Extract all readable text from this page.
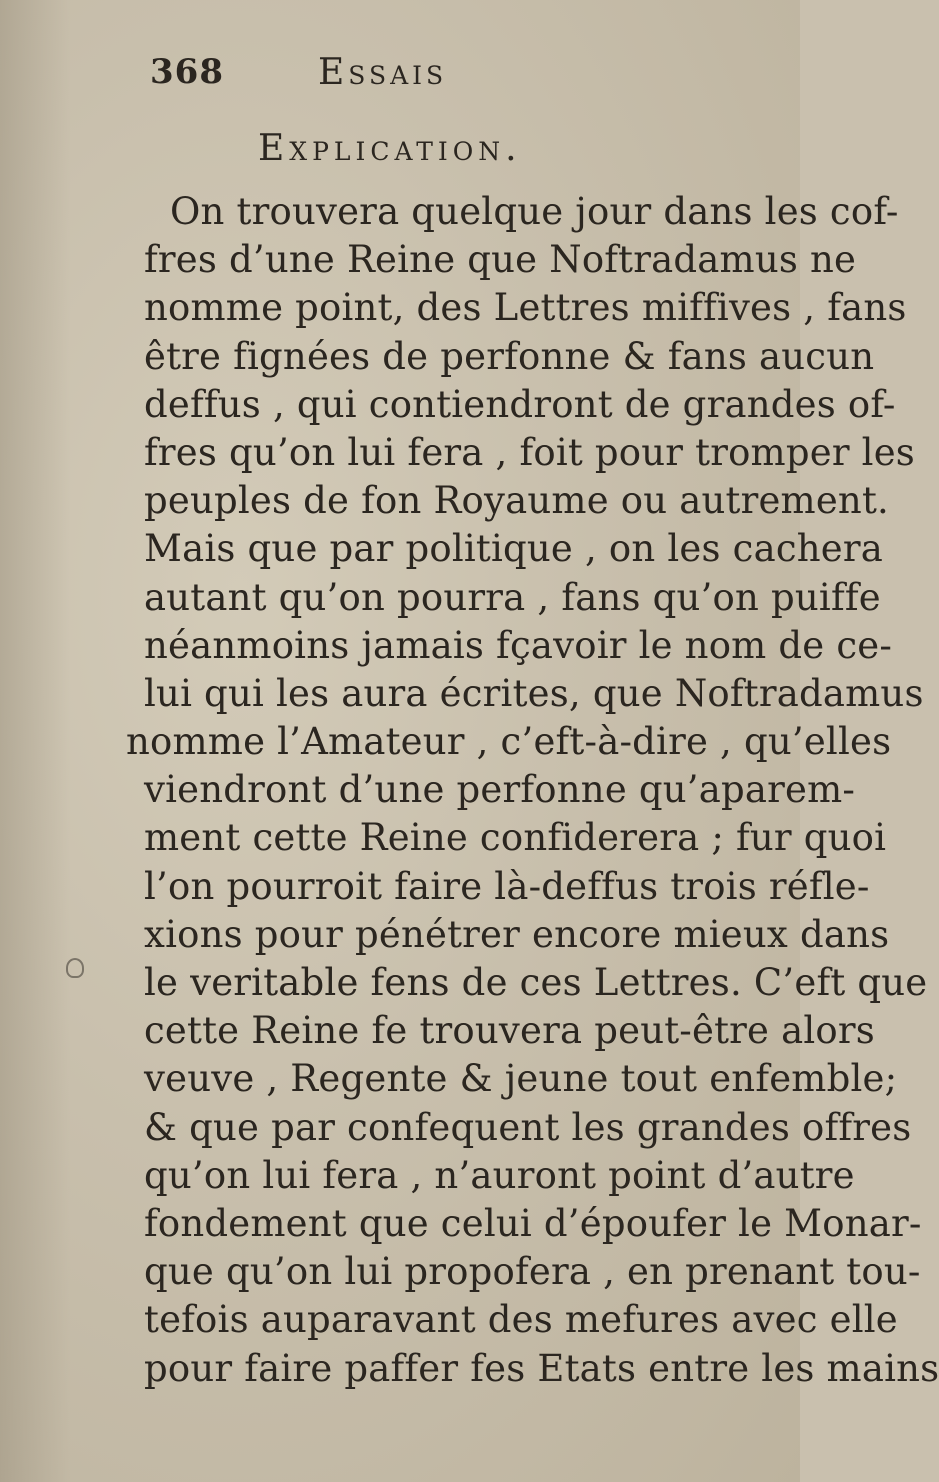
368	Essais
Explication.
On trouvera quelque jour dans les cof-
fres d’une Reine que Noftradamus ne
nomme point, des Lettres miffives , fans
être fignées de perfonne & fans aucun
deffus , qui contiendront de grandes of-
fres qu’on lui fera , foit pour tromper les
peuples de fon Royaume ou autrement.
Mais que par politique , on les cachera
autant qu’on pourra , fans qu’on puiffe
néanmoins jamais fçavoir le nom de ce-
lui qui les aura écrites, que Noftradamus
nomme l’Amateur , c’eft-à-dire , qu’elles
viendront d’une perfonne qu’aparem-
ment cette Reine confiderera ; fur quoi
l’on pourroit faire là-deffus trois réfle-
xions pour pénétrer encore mieux dans
le veritable fens de ces Lettres. C’eft que
cette Reine fe trouvera peut-être alors
veuve , Regente & jeune tout enfemble;
& que par confequent les grandes offres
qu’on lui fera , n’auront point d’autre
fondement que celui d’époufer le Monar-
que qu’on lui propofera , en prenant tou-
tefois auparavant des mefures avec elle
pour faire paffer fes Etats entre les mains
